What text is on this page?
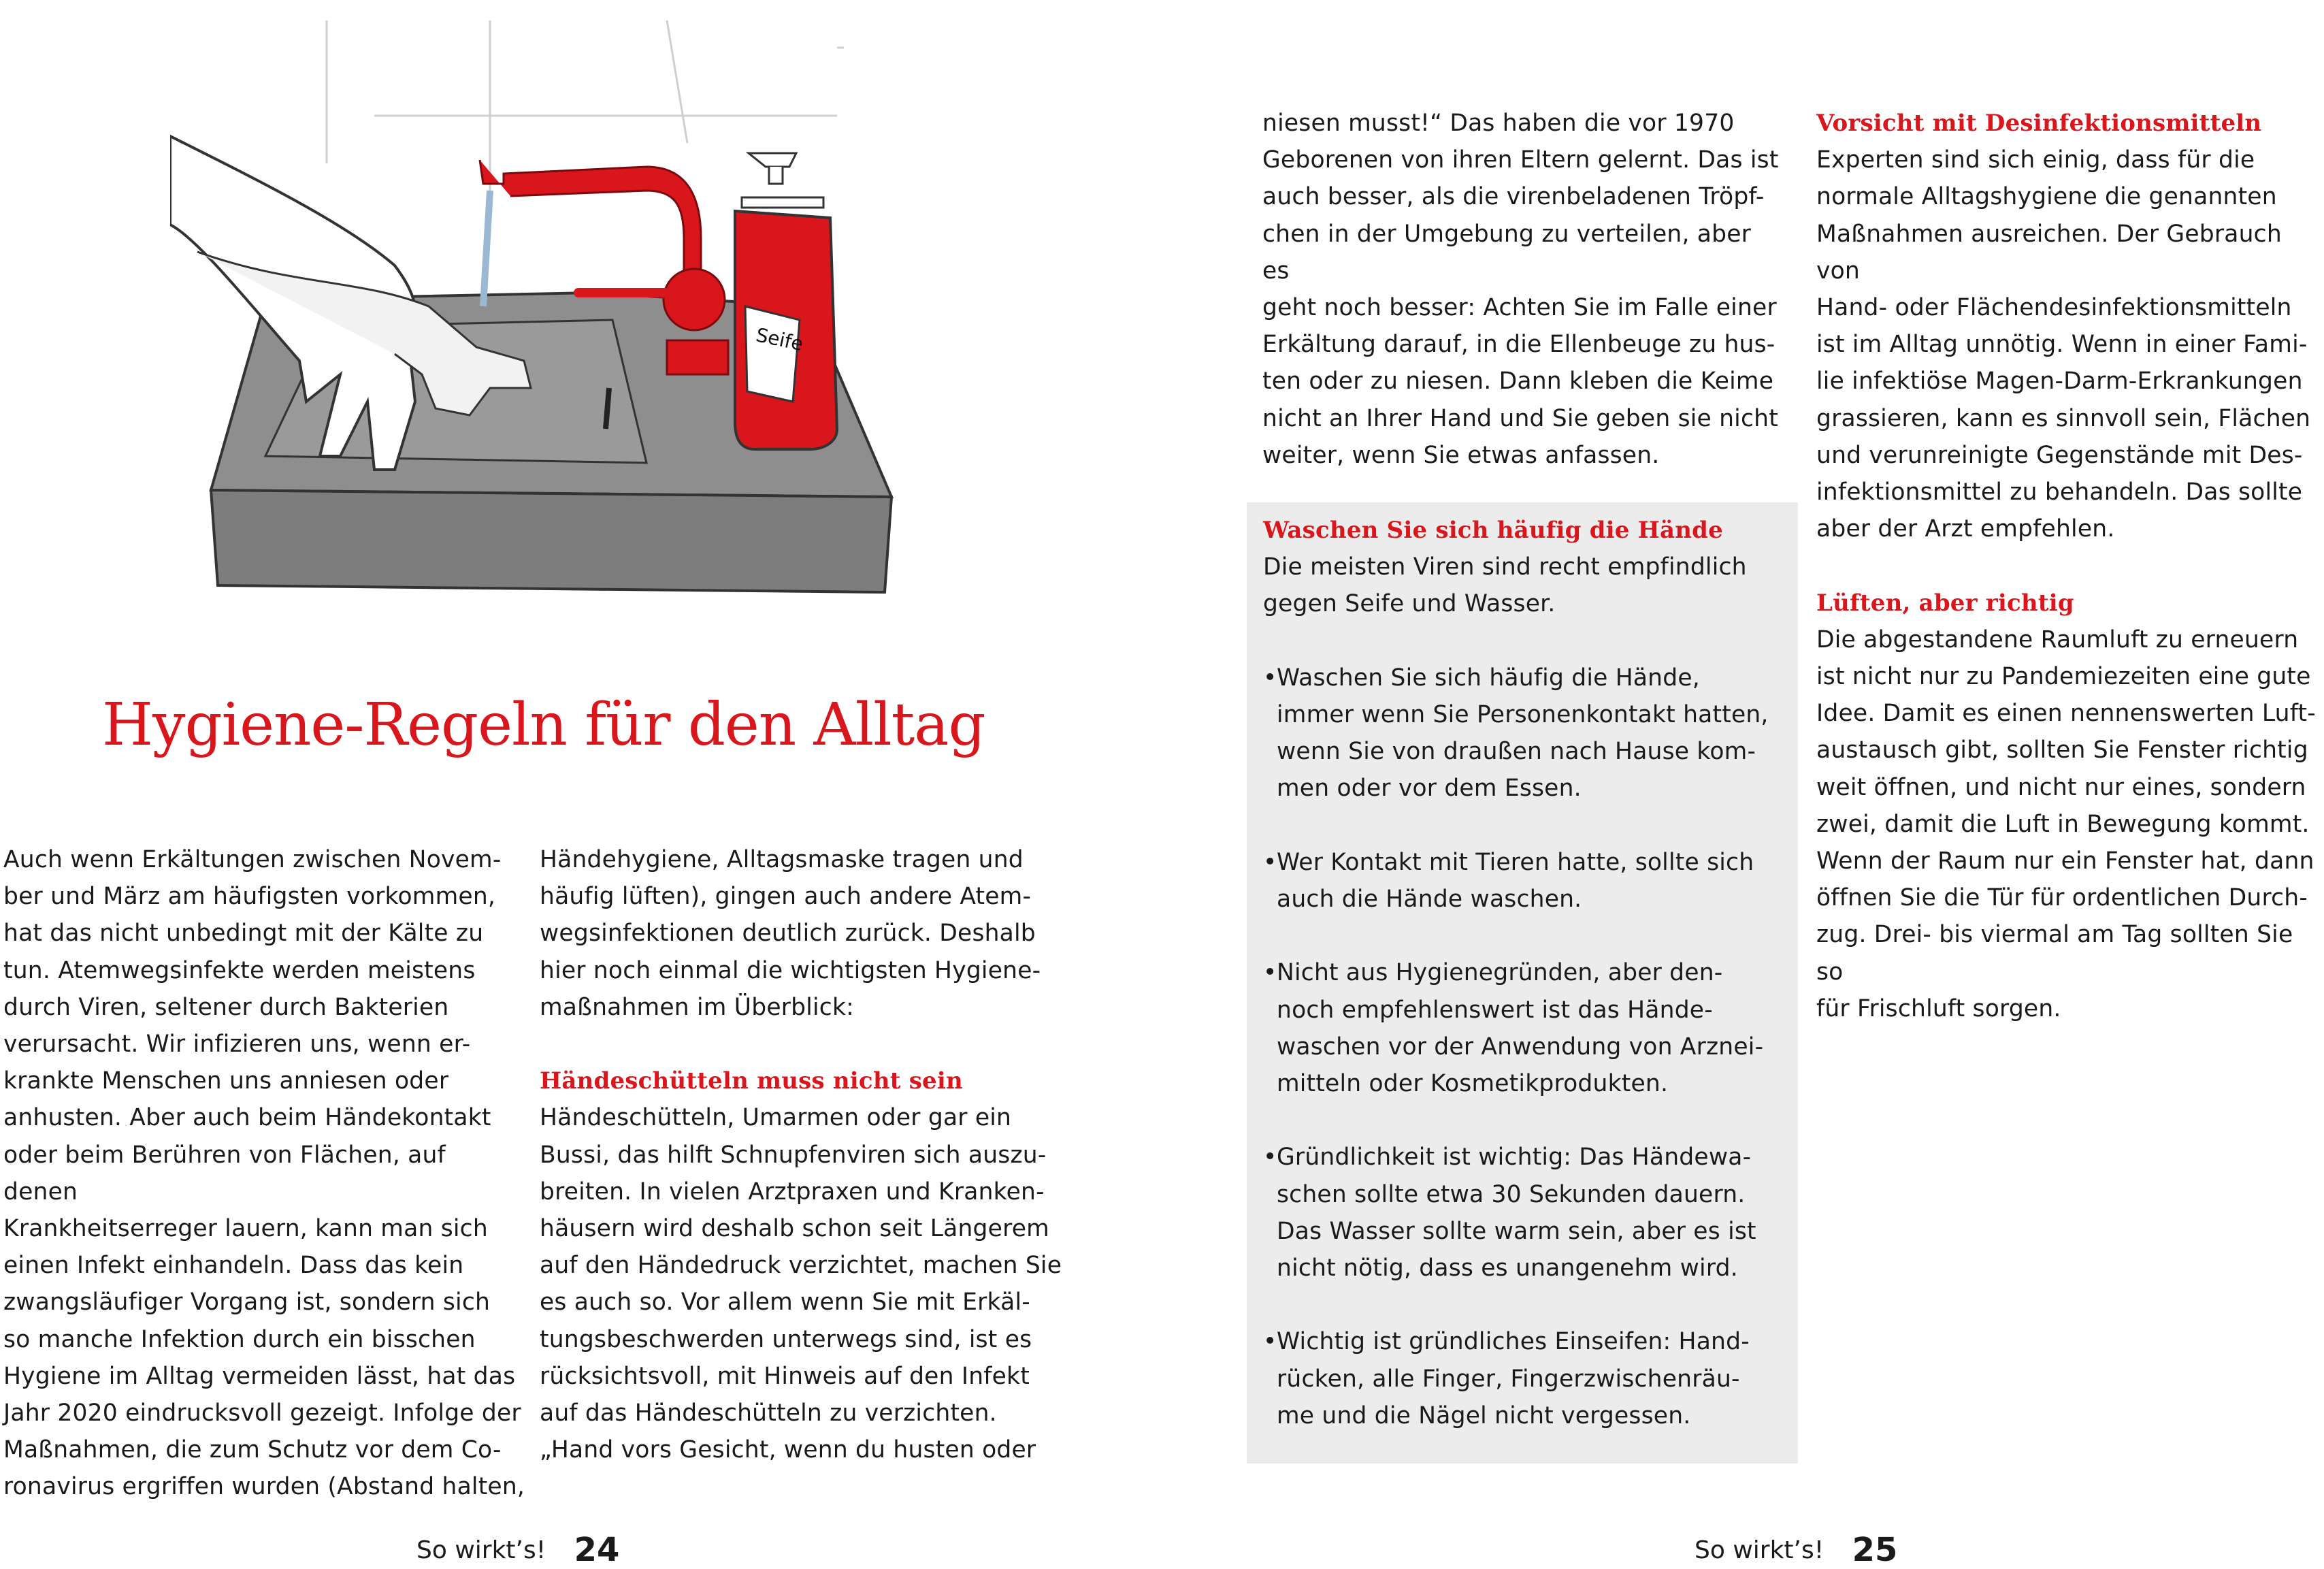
Seife
Hygiene-Regeln für den Alltag

Auch wenn Erkältungen zwischen Novem-

ber und März am häufigsten vorkommen,

hat das nicht unbedingt mit der Kälte zu

tun. Atemwegsinfekte werden meistens

durch Viren, seltener durch Bakterien

verursacht. Wir infizieren uns, wenn er-

krankte Menschen uns anniesen oder

anhusten. Aber auch beim Händekontakt

oder beim Berühren von Flächen, auf denen

Krankheitserreger lauern, kann man sich

einen Infekt einhandeln. Dass das kein

zwangsläufiger Vorgang ist, sondern sich

so manche Infektion durch ein bisschen

Hygiene im Alltag vermeiden lässt, hat das

Jahr 2020 eindrucksvoll gezeigt. Infolge der

Maßnahmen, die zum Schutz vor dem Co-

ronavirus ergriffen wurden (Abstand halten,

Händehygiene, Alltagsmaske tragen und

häufig lüften), gingen auch andere Atem-

wegsinfektionen deutlich zurück. Deshalb

hier noch einmal die wichtigsten Hygiene-

maßnahmen im Überblick:

Händeschütteln muss nicht sein

Händeschütteln, Umarmen oder gar ein

Bussi, das hilft Schnupfenviren sich auszu-

breiten. In vielen Arztpraxen und Kranken-

häusern wird deshalb schon seit Längerem

auf den Händedruck verzichtet, machen Sie

es auch so. Vor allem wenn Sie mit Erkäl-

tungsbeschwerden unterwegs sind, ist es

rücksichtsvoll, mit Hinweis auf den Infekt

auf das Händeschütteln zu verzichten.

„Hand vors Gesicht, wenn du husten oder

So wirkt’s! 24

niesen musst!“ Das haben die vor 1970

Geborenen von ihren Eltern gelernt. Das ist

auch besser, als die virenbeladenen Tröpf-

chen in der Umgebung zu verteilen, aber es

geht noch besser: Achten Sie im Falle einer

Erkältung darauf, in die Ellenbeuge zu hus-

ten oder zu niesen. Dann kleben die Keime

nicht an Ihrer Hand und Sie geben sie nicht

weiter, wenn Sie etwas anfassen.

Waschen Sie sich häufig die Hände

Die meisten Viren sind recht empfindlich

gegen Seife und Wasser.

• Waschen Sie sich häufig die Hände,

immer wenn Sie Personenkontakt hatten,

wenn Sie von draußen nach Hause kom-

men oder vor dem Essen.

• Wer Kontakt mit Tieren hatte, sollte sich

auch die Hände waschen.

• Nicht aus Hygienegründen, aber den-

noch empfehlenswert ist das Hände-

waschen vor der Anwendung von Arznei-

mitteln oder Kosmetikprodukten.

• Gründlichkeit ist wichtig: Das Händewa-

schen sollte etwa 30 Sekunden dauern.

Das Wasser sollte warm sein, aber es ist

nicht nötig, dass es unangenehm wird.

• Wichtig ist gründliches Einseifen: Hand-

rücken, alle Finger, Fingerzwischenräu-

me und die Nägel nicht vergessen.

Vorsicht mit Desinfektionsmitteln

Experten sind sich einig, dass für die

normale Alltagshygiene die genannten

Maßnahmen ausreichen. Der Gebrauch von

Hand- oder Flächendesinfektionsmitteln

ist im Alltag unnötig. Wenn in einer Fami-

lie infektiöse Magen-Darm-Erkrankungen

grassieren, kann es sinnvoll sein, Flächen

und verunreinigte Gegenstände mit Des-

infektionsmittel zu behandeln. Das sollte

aber der Arzt empfehlen.

Lüften, aber richtig

Die abgestandene Raumluft zu erneuern

ist nicht nur zu Pandemiezeiten eine gute

Idee. Damit es einen nennenswerten Luft-

austausch gibt, sollten Sie Fenster richtig

weit öffnen, und nicht nur eines, sondern

zwei, damit die Luft in Bewegung kommt.

Wenn der Raum nur ein Fenster hat, dann

öffnen Sie die Tür für ordentlichen Durch-

zug. Drei- bis viermal am Tag sollten Sie so

für Frischluft sorgen.

So wirkt’s! 25
